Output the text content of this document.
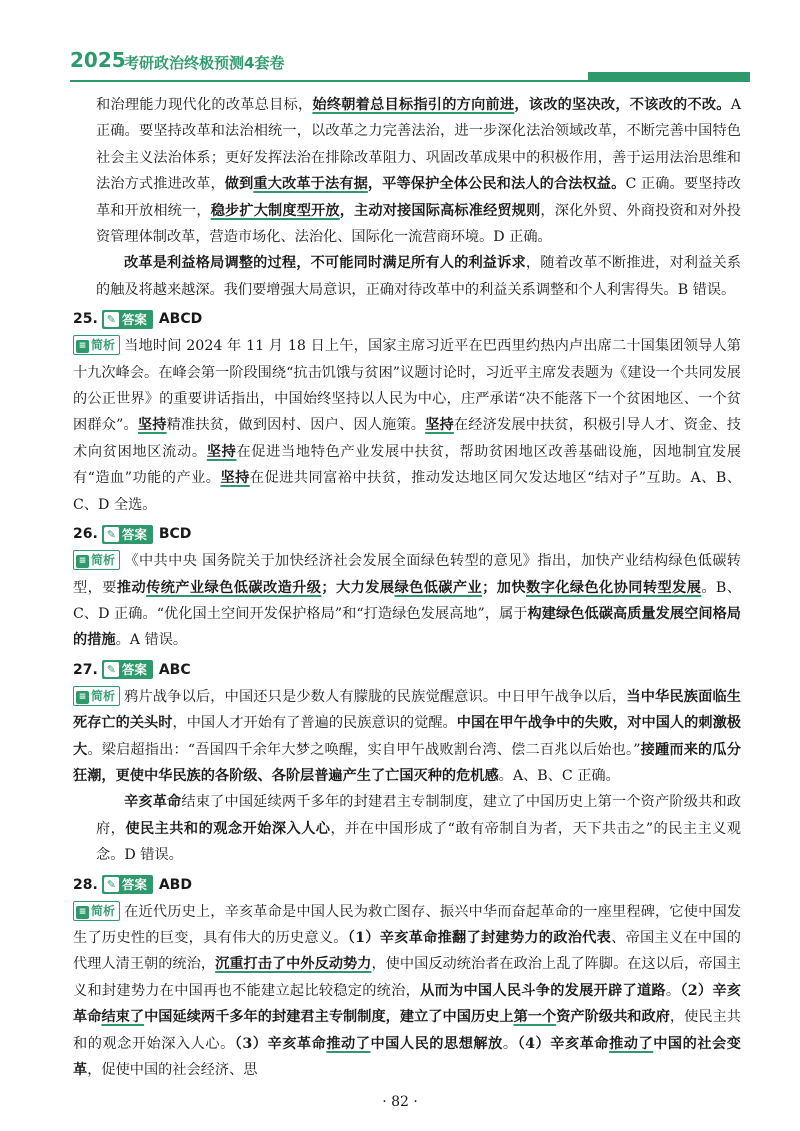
2025
考研政治终极预测4套卷

和治理能力现代化的改革总目标，始终朝着总目标指引的方向前进，该改的坚决改，不该改的不改。A 正确。要坚持改革和法治相统一，以改革之力完善法治，进一步深化法治领域改革，不断完善中国特色社会主义法治体系；更好发挥法治在排除改革阻力、巩固改革成果中的积极作用，善于运用法治思维和法治方式推进改革，做到重大改革于法有据，平等保护全体公民和法人的合法权益。C 正确。要坚持改革和开放相统一，稳步扩大制度型开放，主动对接国际高标准经贸规则，深化外贸、外商投资和对外投资管理体制改革，营造市场化、法治化、国际化一流营商环境。D 正确。

改革是利益格局调整的过程，不可能同时满足所有人的利益诉求，随着改革不断推进，对利益关系的触及将越来越深。我们要增强大局意识，正确对待改革中的利益关系调整和个人利害得失。B 错误。

25. ✎ 答案 ABCD

≡ 简析 当地时间 2024 年 11 月 18 日上午，国家主席习近平在巴西里约热内卢出席二十国集团领导人第十九次峰会。在峰会第一阶段围绕“抗击饥饿与贫困”议题讨论时，习近平主席发表题为《建设一个共同发展的公正世界》的重要讲话指出，中国始终坚持以人民为中心，庄严承诺“决不能落下一个贫困地区、一个贫困群众”。坚持精准扶贫，做到因村、因户、因人施策。坚持在经济发展中扶贫，积极引导人才、资金、技术向贫困地区流动。坚持在促进当地特色产业发展中扶贫，帮助贫困地区改善基础设施，因地制宜发展有“造血”功能的产业。坚持在促进共同富裕中扶贫，推动发达地区同欠发达地区“结对子”互助。A、B、C、D 全选。

26. ✎ 答案 BCD

≡ 简析 《中共中央 国务院关于加快经济社会发展全面绿色转型的意见》指出，加快产业结构绿色低碳转型，要推动传统产业绿色低碳改造升级；大力发展绿色低碳产业；加快数字化绿色化协同转型发展。B、C、D 正确。“优化国土空间开发保护格局”和“打造绿色发展高地”，属于构建绿色低碳高质量发展空间格局的措施。A 错误。

27. ✎ 答案 ABC

≡ 简析 鸦片战争以后，中国还只是少数人有朦胧的民族觉醒意识。中日甲午战争以后，当中华民族面临生死存亡的关头时，中国人才开始有了普遍的民族意识的觉醒。中国在甲午战争中的失败，对中国人的刺激极大。梁启超指出：“吾国四千余年大梦之唤醒，实自甲午战败割台湾、偿二百兆以后始也。”接踵而来的瓜分狂潮，更使中华民族的各阶级、各阶层普遍产生了亡国灭种的危机感。A、B、C 正确。

辛亥革命结束了中国延续两千多年的封建君主专制制度，建立了中国历史上第一个资产阶级共和政府，使民主共和的观念开始深入人心，并在中国形成了“敢有帝制自为者，天下共击之”的民主主义观念。D 错误。

28. ✎ 答案 ABD

≡ 简析 在近代历史上，辛亥革命是中国人民为救亡图存、振兴中华而奋起革命的一座里程碑，它使中国发生了历史性的巨变，具有伟大的历史意义。（1）辛亥革命推翻了封建势力的政治代表、帝国主义在中国的代理人清王朝的统治，沉重打击了中外反动势力，使中国反动统治者在政治上乱了阵脚。在这以后，帝国主义和封建势力在中国再也不能建立起比较稳定的统治，从而为中国人民斗争的发展开辟了道路。（2）辛亥革命结束了中国延续两千多年的封建君主专制制度，建立了中国历史上第一个资产阶级共和政府，使民主共和的观念开始深入人心。（3）辛亥革命推动了中国人民的思想解放。（4）辛亥革命推动了中国的社会变革，促使中国的社会经济、思

· 82 ·
